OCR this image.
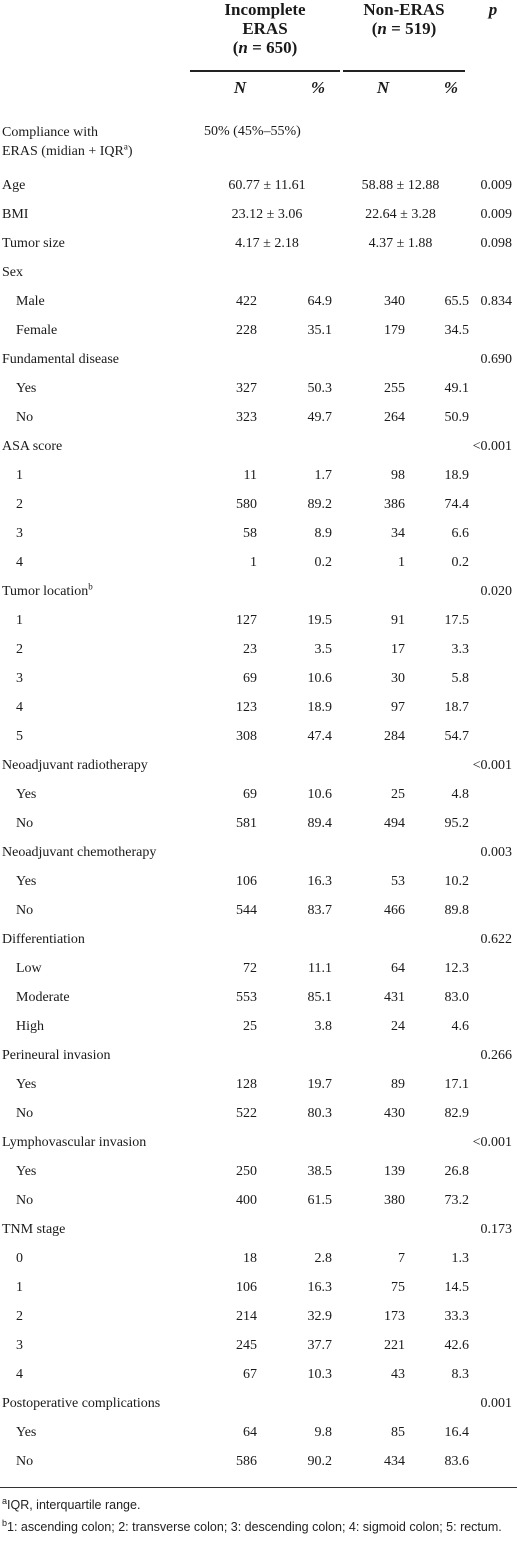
Incomplete
ERAS
(n = 650)
Non-ERAS
(n = 519)
p
N	%	N	%
Compliance with
ERAS (midian + $IQR^a$)	50% (45%–55%)				
Age	60.77 ± 11.61		58.88 ± 12.88		0.009
BMI	23.12 ± 3.06		22.64 ± 3.28		0.009
Tumor size	4.17 ± 2.18		4.37 ± 1.88		0.098
Sex					
Male	422	64.9	340	65.5	0.834
Female	228	35.1	179	34.5	
Fundamental disease					0.690
Yes	327	50.3	255	49.1	
No	323	49.7	264	50.9	
ASA score					<0.001
1	11	1.7	98	18.9	
2	580	89.2	386	74.4	
3	58	8.9	34	6.6	
4	1	0.2	1	0.2	
Tumor location$^b$					0.020
1	127	19.5	91	17.5	
2	23	3.5	17	3.3	
3	69	10.6	30	5.8	
4	123	18.9	97	18.7	
5	308	47.4	284	54.7	
Neoadjuvant radiotherapy					<0.001
Yes	69	10.6	25	4.8	
No	581	89.4	494	95.2	
Neoadjuvant chemotherapy					0.003
Yes	106	16.3	53	10.2	
No	544	83.7	466	89.8	
Differentiation					0.622
Low	72	11.1	64	12.3	
Moderate	553	85.1	431	83.0	
High	25	3.8	24	4.6	
Perineural invasion					0.266
Yes	128	19.7	89	17.1	
No	522	80.3	430	82.9	
Lymphovascular invasion					<0.001
Yes	250	38.5	139	26.8	
No	400	61.5	380	73.2	
TNM stage					0.173
0	18	2.8	7	1.3	
1	106	16.3	75	14.5	
2	214	32.9	173	33.3	
3	245	37.7	221	42.6	
4	67	10.3	43	8.3	
Postoperative complications					0.001
Yes	64	9.8	85	16.4	
No	586	90.2	434	83.6	
$^a$IQR, interquartile range.
$^b$1: ascending colon; 2: transverse colon; 3: descending colon; 4: sigmoid colon; 5: rectum.
